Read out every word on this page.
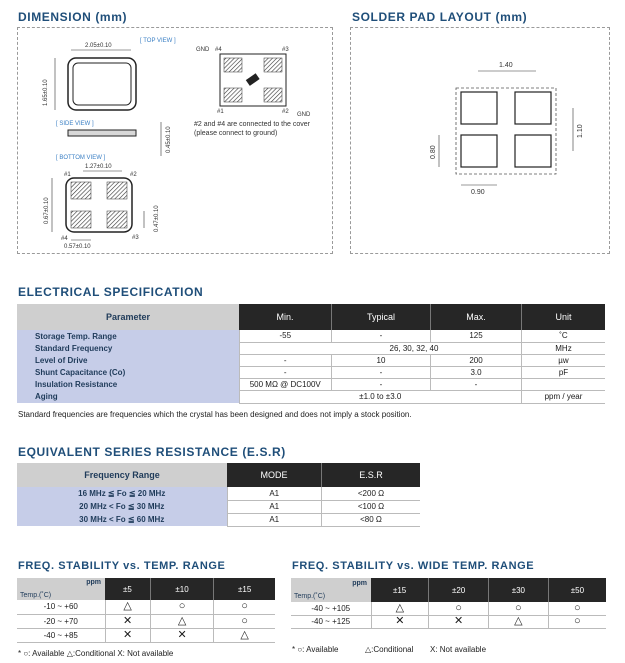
DIMENSION (mm)
[ TOP VIEW ]
2.05±0.10
1.65±0.10
GND #4	#3
#1	#2 GND
#2 and #4 are connected to the cover
(please connect to ground)
[ SIDE VIEW ]
0.45±0.10
[ BOTTOM VIEW ]
1.27±0.10
#1	#2
#4	#3
0.67±0.10	0.47±0.10
0.57±0.10
SOLDER PAD LAYOUT (mm)
1.40
1.10
0.80
0.90
ELECTRICAL SPECIFICATION
Parameter	Min.	Typical	Max.	Unit
Storage Temp. Range	-55	-	125	˚C
Standard Frequency	26, 30, 32, 40			MHz
Level of Drive	-	10	200	µw
Shunt Capacitance (Co)	-	-	3.0	pF
Insulation Resistance	500 MΩ @ DC100V	-	-	
Aging	±1.0 to ±3.0			ppm / year
Standard frequencies are frequencies which the crystal has been designed and does not imply a stock position.
EQUIVALENT SERIES RESISTANCE (E.S.R)
Frequency Range	MODE	E.S.R
16 MHz ≦ Fo ≦ 20 MHz	A1	<200 Ω
20 MHz < Fo ≦ 30 MHz	A1	<100 Ω
30 MHz < Fo ≦ 60 MHz	A1	<80 Ω
FREQ. STABILITY vs. TEMP. RANGE
ppm
Temp.(˚C)	±5	±10	±15
-10 ~ +60	△	○	○
-20 ~ +70	✕	△	○
-40 ~ +85	✕	✕	△
* ○: Available △:Conditional X: Not available
FREQ. STABILITY vs. WIDE TEMP. RANGE
ppm
Temp.(˚C)	±15	±20	±30	±50
-40 ~ +105	△	○	○	○
-40 ~ +125	✕	✕	△	○
* ○: Available	△:Conditional X: Not available
